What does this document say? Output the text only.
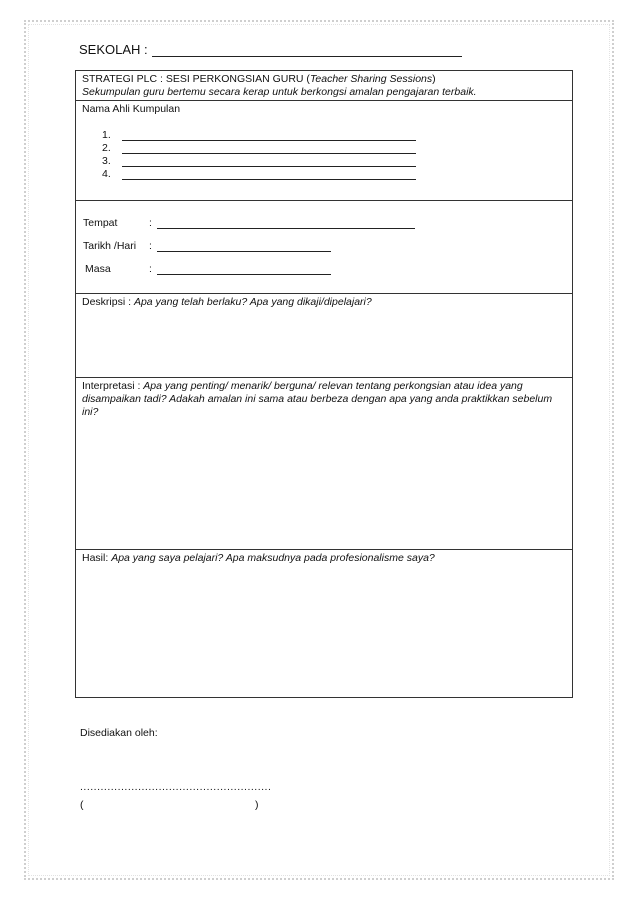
SEKOLAH :
STRATEGI PLC : SESI PERKONGSIAN GURU (Teacher Sharing Sessions)
Sekumpulan guru bertemu secara kerap untuk berkongsi amalan pengajaran terbaik.
Nama Ahli Kumpulan
1.
2.
3.
4.
Tempat	:
Tarikh /Hari	:
Masa	:
Deskripsi : Apa yang telah berlaku? Apa yang dikaji/dipelajari?
Interpretasi : Apa yang penting/ menarik/ berguna/ relevan tentang perkongsian atau idea yang disampaikan tadi? Adakah amalan ini sama atau berbeza dengan apa yang anda praktikkan sebelum ini?
Hasil: Apa yang saya pelajari? Apa maksudnya pada profesionalisme saya?
Disediakan oleh:
........................................................
(	)
